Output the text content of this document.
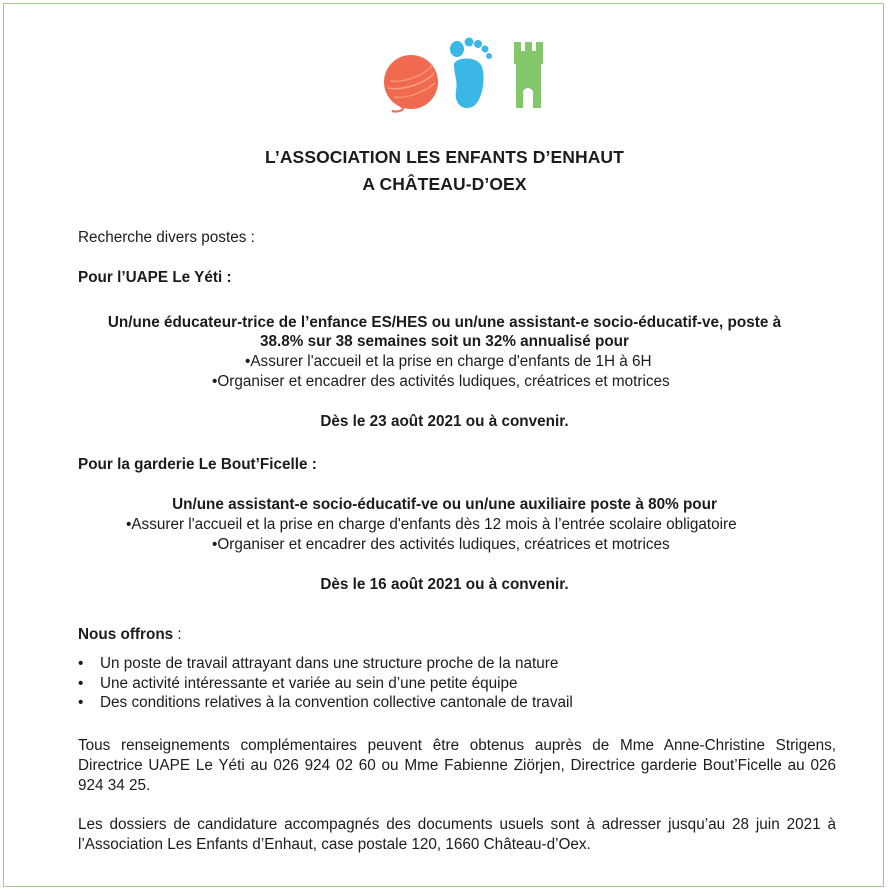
L’ASSOCIATION LES ENFANTS D’ENHAUT
A CHÂTEAU-D’OEX
Recherche divers postes :
Pour l’UAPE Le Yéti :
Un/une éducateur-trice de l’enfance ES/HES ou un/une assistant-e socio-éducatif-ve, poste à
38.8% sur 38 semaines soit un 32% annualisé pour
•Assurer l'accueil et la prise en charge d'enfants de 1H à 6H
•Organiser et encadrer des activités ludiques, créatrices et motrices
Dès le 23 août 2021 ou à convenir.
Pour la garderie Le Bout’Ficelle :
Un/une assistant-e socio-éducatif-ve ou un/une auxiliaire poste à 80% pour
•Assurer l'accueil et la prise en charge d'enfants dès 12 mois à l’entrée scolaire obligatoire
•Organiser et encadrer des activités ludiques, créatrices et motrices
Dès le 16 août 2021 ou à convenir.
Nous offrons :
• Un poste de travail attrayant dans une structure proche de la nature
• Une activité intéressante et variée au sein d’une petite équipe
• Des conditions relatives à la convention collective cantonale de travail
Tous renseignements complémentaires peuvent être obtenus auprès de Mme Anne-Christine Strigens, Directrice UAPE Le Yéti au 026 924 02 60 ou Mme Fabienne Ziörjen, Directrice garderie Bout’Ficelle au 026 924 34 25.
Les dossiers de candidature accompagnés des documents usuels sont à adresser jusqu’au 28 juin 2021 à l’Association Les Enfants d’Enhaut, case postale 120, 1660 Château-d’Oex.
